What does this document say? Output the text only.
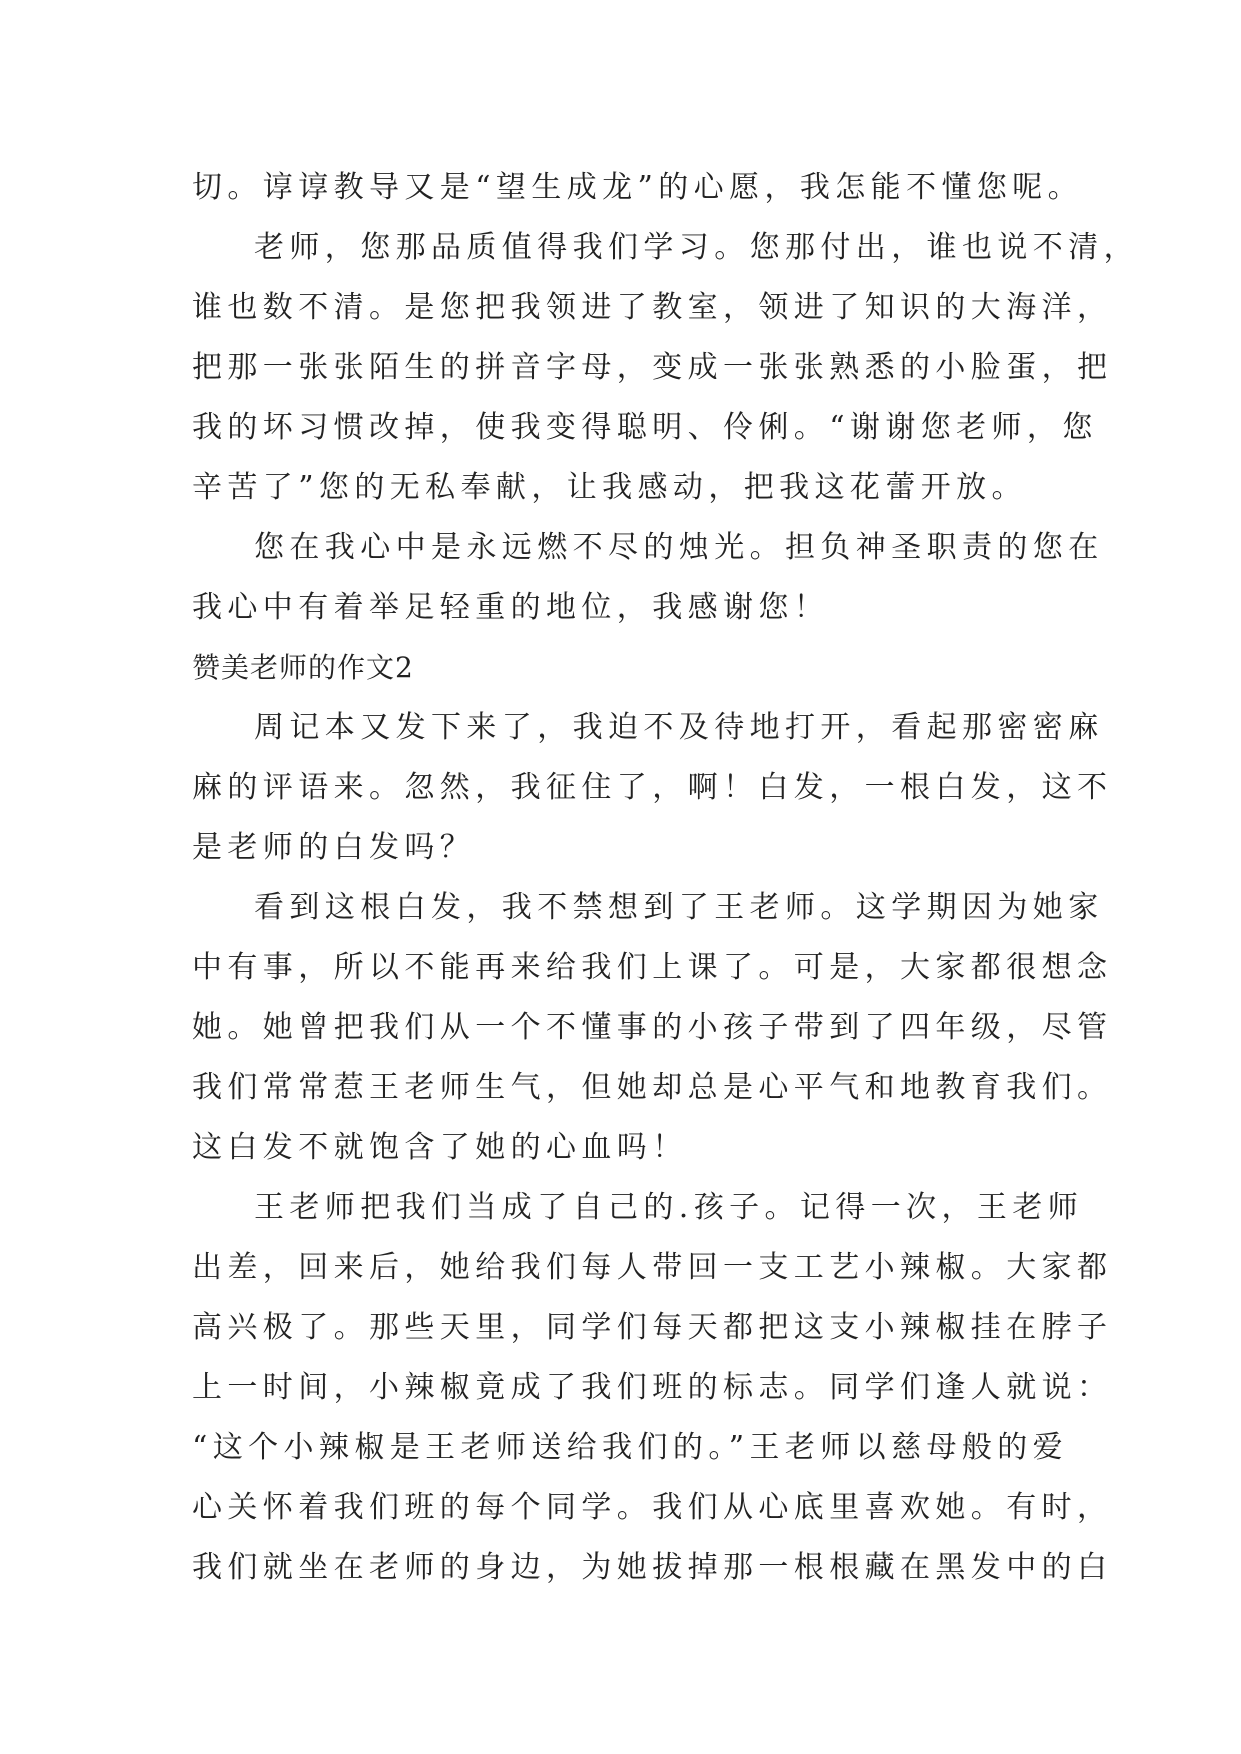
切。谆谆教导又是“望生成龙”的心愿，我怎能不懂您呢。
老师，您那品质值得我们学习。您那付出，谁也说不清，
谁也数不清。是您把我领进了教室，领进了知识的大海洋，
把那一张张陌生的拼音字母，变成一张张熟悉的小脸蛋，把
我的坏习惯改掉，使我变得聪明、伶俐。“谢谢您老师，您
辛苦了”您的无私奉献，让我感动，把我这花蕾开放。
您在我心中是永远燃不尽的烛光。担负神圣职责的您在
我心中有着举足轻重的地位，我感谢您！
赞美老师的作文2
周记本又发下来了，我迫不及待地打开，看起那密密麻
麻的评语来。忽然，我征住了，啊！白发，一根白发，这不
是老师的白发吗？
看到这根白发，我不禁想到了王老师。这学期因为她家
中有事，所以不能再来给我们上课了。可是，大家都很想念
她。她曾把我们从一个不懂事的小孩子带到了四年级，尽管
我们常常惹王老师生气，但她却总是心平气和地教育我们。
这白发不就饱含了她的心血吗！
王老师把我们当成了自己的.孩子。记得一次，王老师
出差，回来后，她给我们每人带回一支工艺小辣椒。大家都
高兴极了。那些天里，同学们每天都把这支小辣椒挂在脖子
上一时间，小辣椒竟成了我们班的标志。同学们逢人就说：
“这个小辣椒是王老师送给我们的。”王老师以慈母般的爱
心关怀着我们班的每个同学。我们从心底里喜欢她。有时，
我们就坐在老师的身边，为她拔掉那一根根藏在黑发中的白
